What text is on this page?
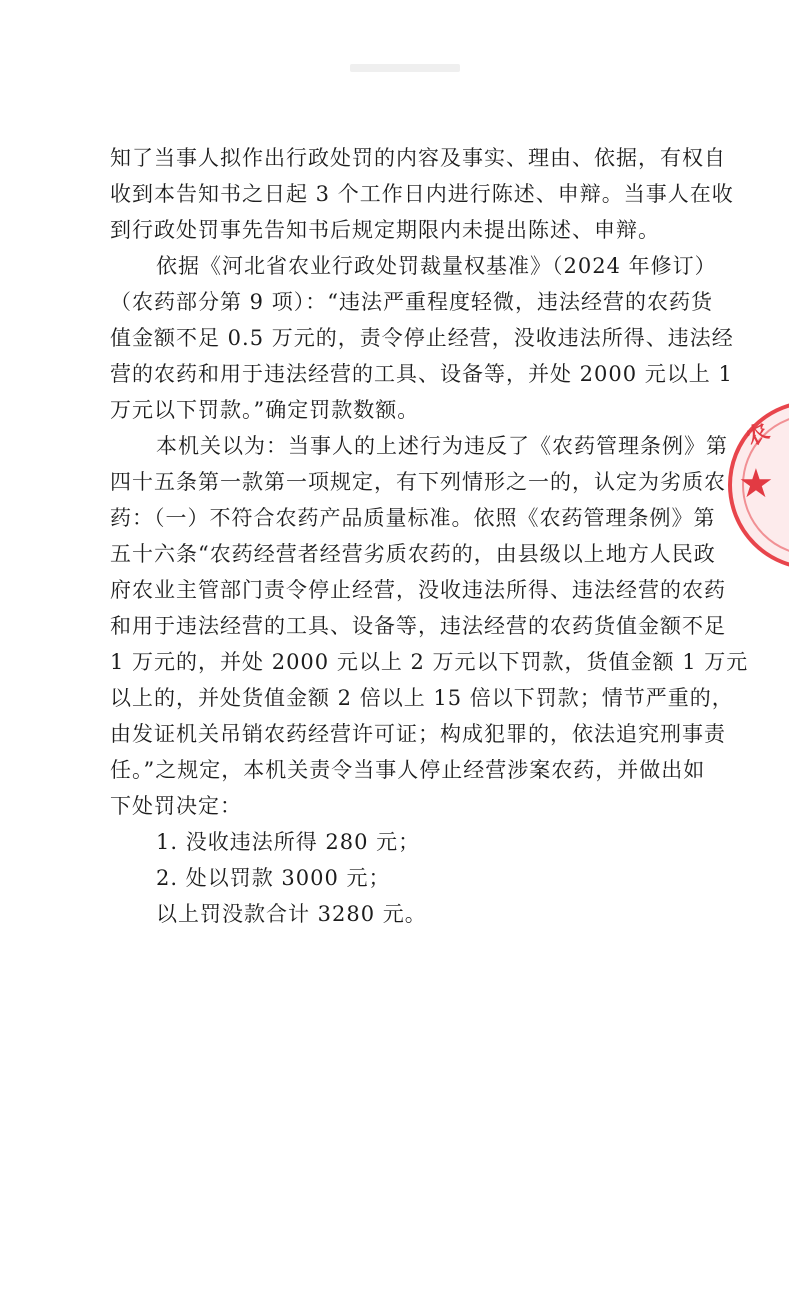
知了当事人拟作出行政处罚的内容及事实、理由、依据，有权自
收到本告知书之日起 3 个工作日内进行陈述、申辩。当事人在收
到行政处罚事先告知书后规定期限内未提出陈述、申辩。
依据《河北省农业行政处罚裁量权基准》（2024 年修订）
（农药部分第 9 项）：“违法严重程度轻微，违法经营的农药货
值金额不足 0.5 万元的，责令停止经营，没收违法所得、违法经
营的农药和用于违法经营的工具、设备等，并处 2000 元以上 1
万元以下罚款。”确定罚款数额。
本机关以为：当事人的上述行为违反了《农药管理条例》第
四十五条第一款第一项规定，有下列情形之一的，认定为劣质农
药：（一）不符合农药产品质量标准。依照《农药管理条例》第
五十六条“农药经营者经营劣质农药的，由县级以上地方人民政
府农业主管部门责令停止经营，没收违法所得、违法经营的农药
和用于违法经营的工具、设备等，违法经营的农药货值金额不足
1 万元的，并处 2000 元以上 2 万元以下罚款，货值金额 1 万元
以上的，并处货值金额 2 倍以上 15 倍以下罚款；情节严重的，
由发证机关吊销农药经营许可证；构成犯罪的，依法追究刑事责
任。”之规定，本机关责令当事人停止经营涉案农药，并做出如
下处罚决定：
1. 没收违法所得 280 元；
2. 处以罚款 3000 元；
以上罚没款合计 3280 元。
★
农
